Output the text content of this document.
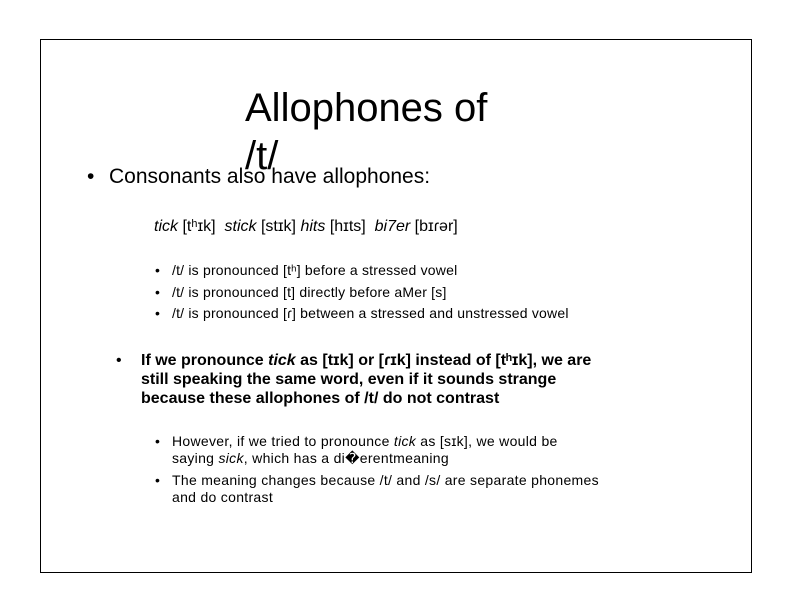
Allophones of
/t/
• Consonants also have allophones:
tick [tʰɪk] stick [stɪk] hits [hɪts] bi7er [bɪɾər]
• /t/ is pronounced [tʰ] before a stressed vowel
• /t/ is pronounced [t] directly before aMer [s]
• /t/ is pronounced [ɾ] between a stressed and unstressed vowel
• If we pronounce tick as [tɪk] or [ɾɪk] instead of [tʰɪk], we are
still speaking the same word, even if it sounds strange
because these allophones of /t/ do not contrast
• However, if we tried to pronounce tick as [sɪk], we would be
saying sick, which has a di�erentmeaning
• The meaning changes because /t/ and /s/ are separate phonemes
and do contrast
